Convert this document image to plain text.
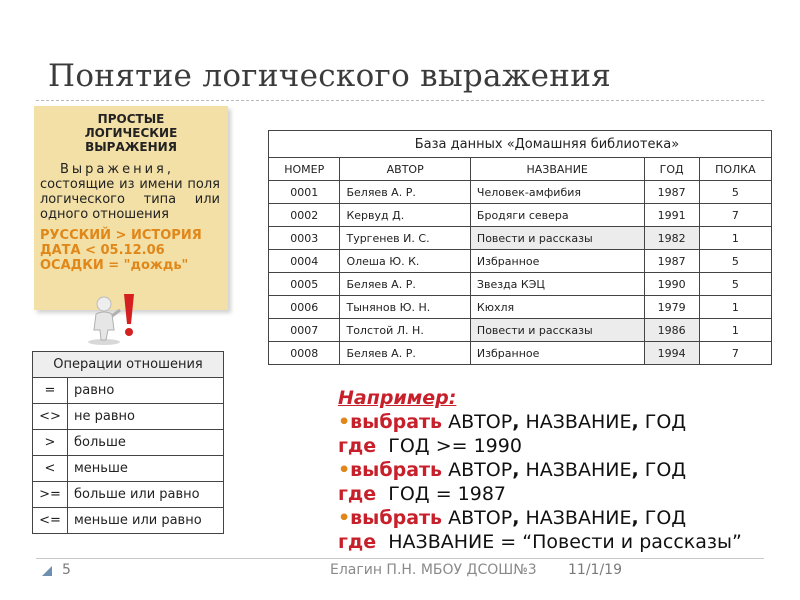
Понятие логического выражения
ПРОСТЫЕ
ЛОГИЧЕСКИЕ
ВЫРАЖЕНИЯ
Выражения, состоящие из имени поля логического типа или одного отношения
РУССКИЙ > ИСТОРИЯ
ДАТА < 05.12.06
ОСАДКИ = "дождь"
Операции отношения	
=	равно
<>	не равно
>	больше
<	меньше
>=	больше или равно
<=	меньше или равно
База данных «Домашняя библиотека»				
НОМЕР	АВТОР	НАЗВАНИЕ	ГОД	ПОЛКА
0001	Беляев А. Р.	Человек-амфибия	1987	5
0002	Кервуд Д.	Бродяги севера	1991	7
0003	Тургенев И. С.	Повести и рассказы	1982	1
0004	Олеша Ю. К.	Избранное	1987	5
0005	Беляев А. Р.	Звезда КЭЦ	1990	5
0006	Тынянов Ю. Н.	Кюхля	1979	1
0007	Толстой Л. Н.	Повести и рассказы	1986	1
0008	Беляев А. Р.	Избранное	1994	7
Например:
•выбрать АВТОР, НАЗВАНИЕ, ГОД
где ГОД >= 1990
•выбрать АВТОР, НАЗВАНИЕ, ГОД
где ГОД = 1987
•выбрать АВТОР, НАЗВАНИЕ, ГОД
где НАЗВАНИЕ = “Повести и рассказы”
5	Елагин П.Н. МБОУ ДСОШ№3 11/1/19
